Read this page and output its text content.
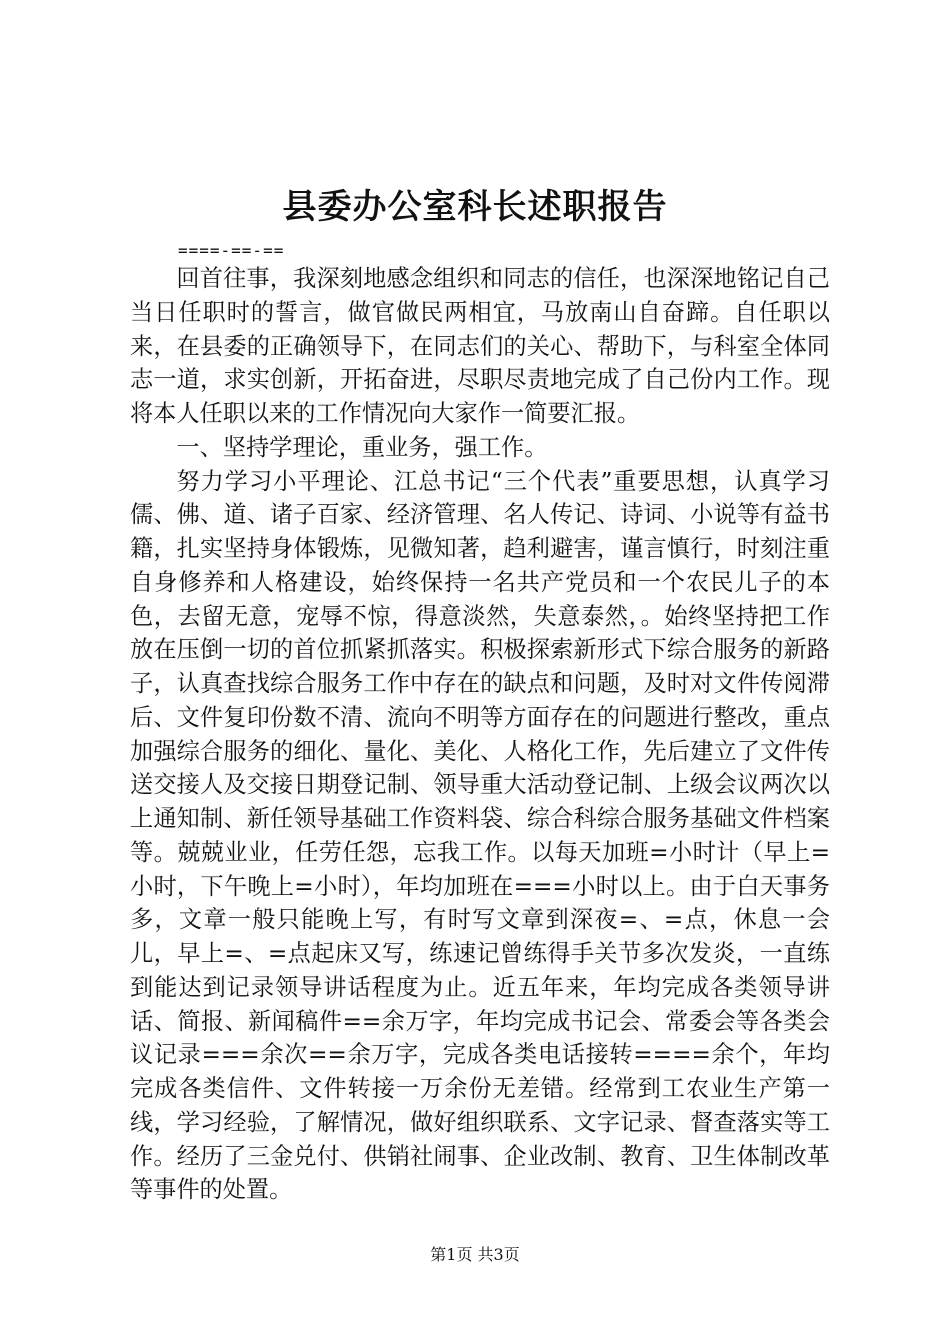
县委办公室科长述职报告

====-==-==

回首往事，我深刻地感念组织和同志的信任，也深深地铭记自己当日任职时的誓言，做官做民两相宜，马放南山自奋蹄。自任职以来，在县委的正确领导下，在同志们的关心、帮助下，与科室全体同志一道，求实创新，开拓奋进，尽职尽责地完成了自己份内工作。现将本人任职以来的工作情况向大家作一简要汇报。

一、坚持学理论，重业务，强工作。

努力学习小平理论、江总书记“三个代表”重要思想，认真学习儒、佛、道、诸子百家、经济管理、名人传记、诗词、小说等有益书籍，扎实坚持身体锻炼，见微知著，趋利避害，谨言慎行，时刻注重自身修养和人格建设，始终保持一名共产党员和一个农民儿子的本色，去留无意，宠辱不惊，得意淡然，失意泰然，。始终坚持把工作放在压倒一切的首位抓紧抓落实。积极探索新形式下综合服务的新路子，认真查找综合服务工作中存在的缺点和问题，及时对文件传阅滞后、文件复印份数不清、流向不明等方面存在的问题进行整改，重点加强综合服务的细化、量化、美化、人格化工作，先后建立了文件传送交接人及交接日期登记制、领导重大活动登记制、上级会议两次以上通知制、新任领导基础工作资料袋、综合科综合服务基础文件档案等。兢兢业业，任劳任怨，忘我工作。以每天加班=小时计（早上=小时，下午晚上=小时），年均加班在===小时以上。由于白天事务多，文章一般只能晚上写，有时写文章到深夜=、=点，休息一会儿，早上=、=点起床又写，练速记曾练得手关节多次发炎，一直练到能达到记录领导讲话程度为止。近五年来，年均完成各类领导讲话、简报、新闻稿件==余万字，年均完成书记会、常委会等各类会议记录===余次==余万字，完成各类电话接转====余个，年均完成各类信件、文件转接一万余份无差错。经常到工农业生产第一线，学习经验，了解情况，做好组织联系、文字记录、督查落实等工作。经历了三金兑付、供销社闹事、企业改制、教育、卫生体制改革等事件的处置。

第1页 共3页
